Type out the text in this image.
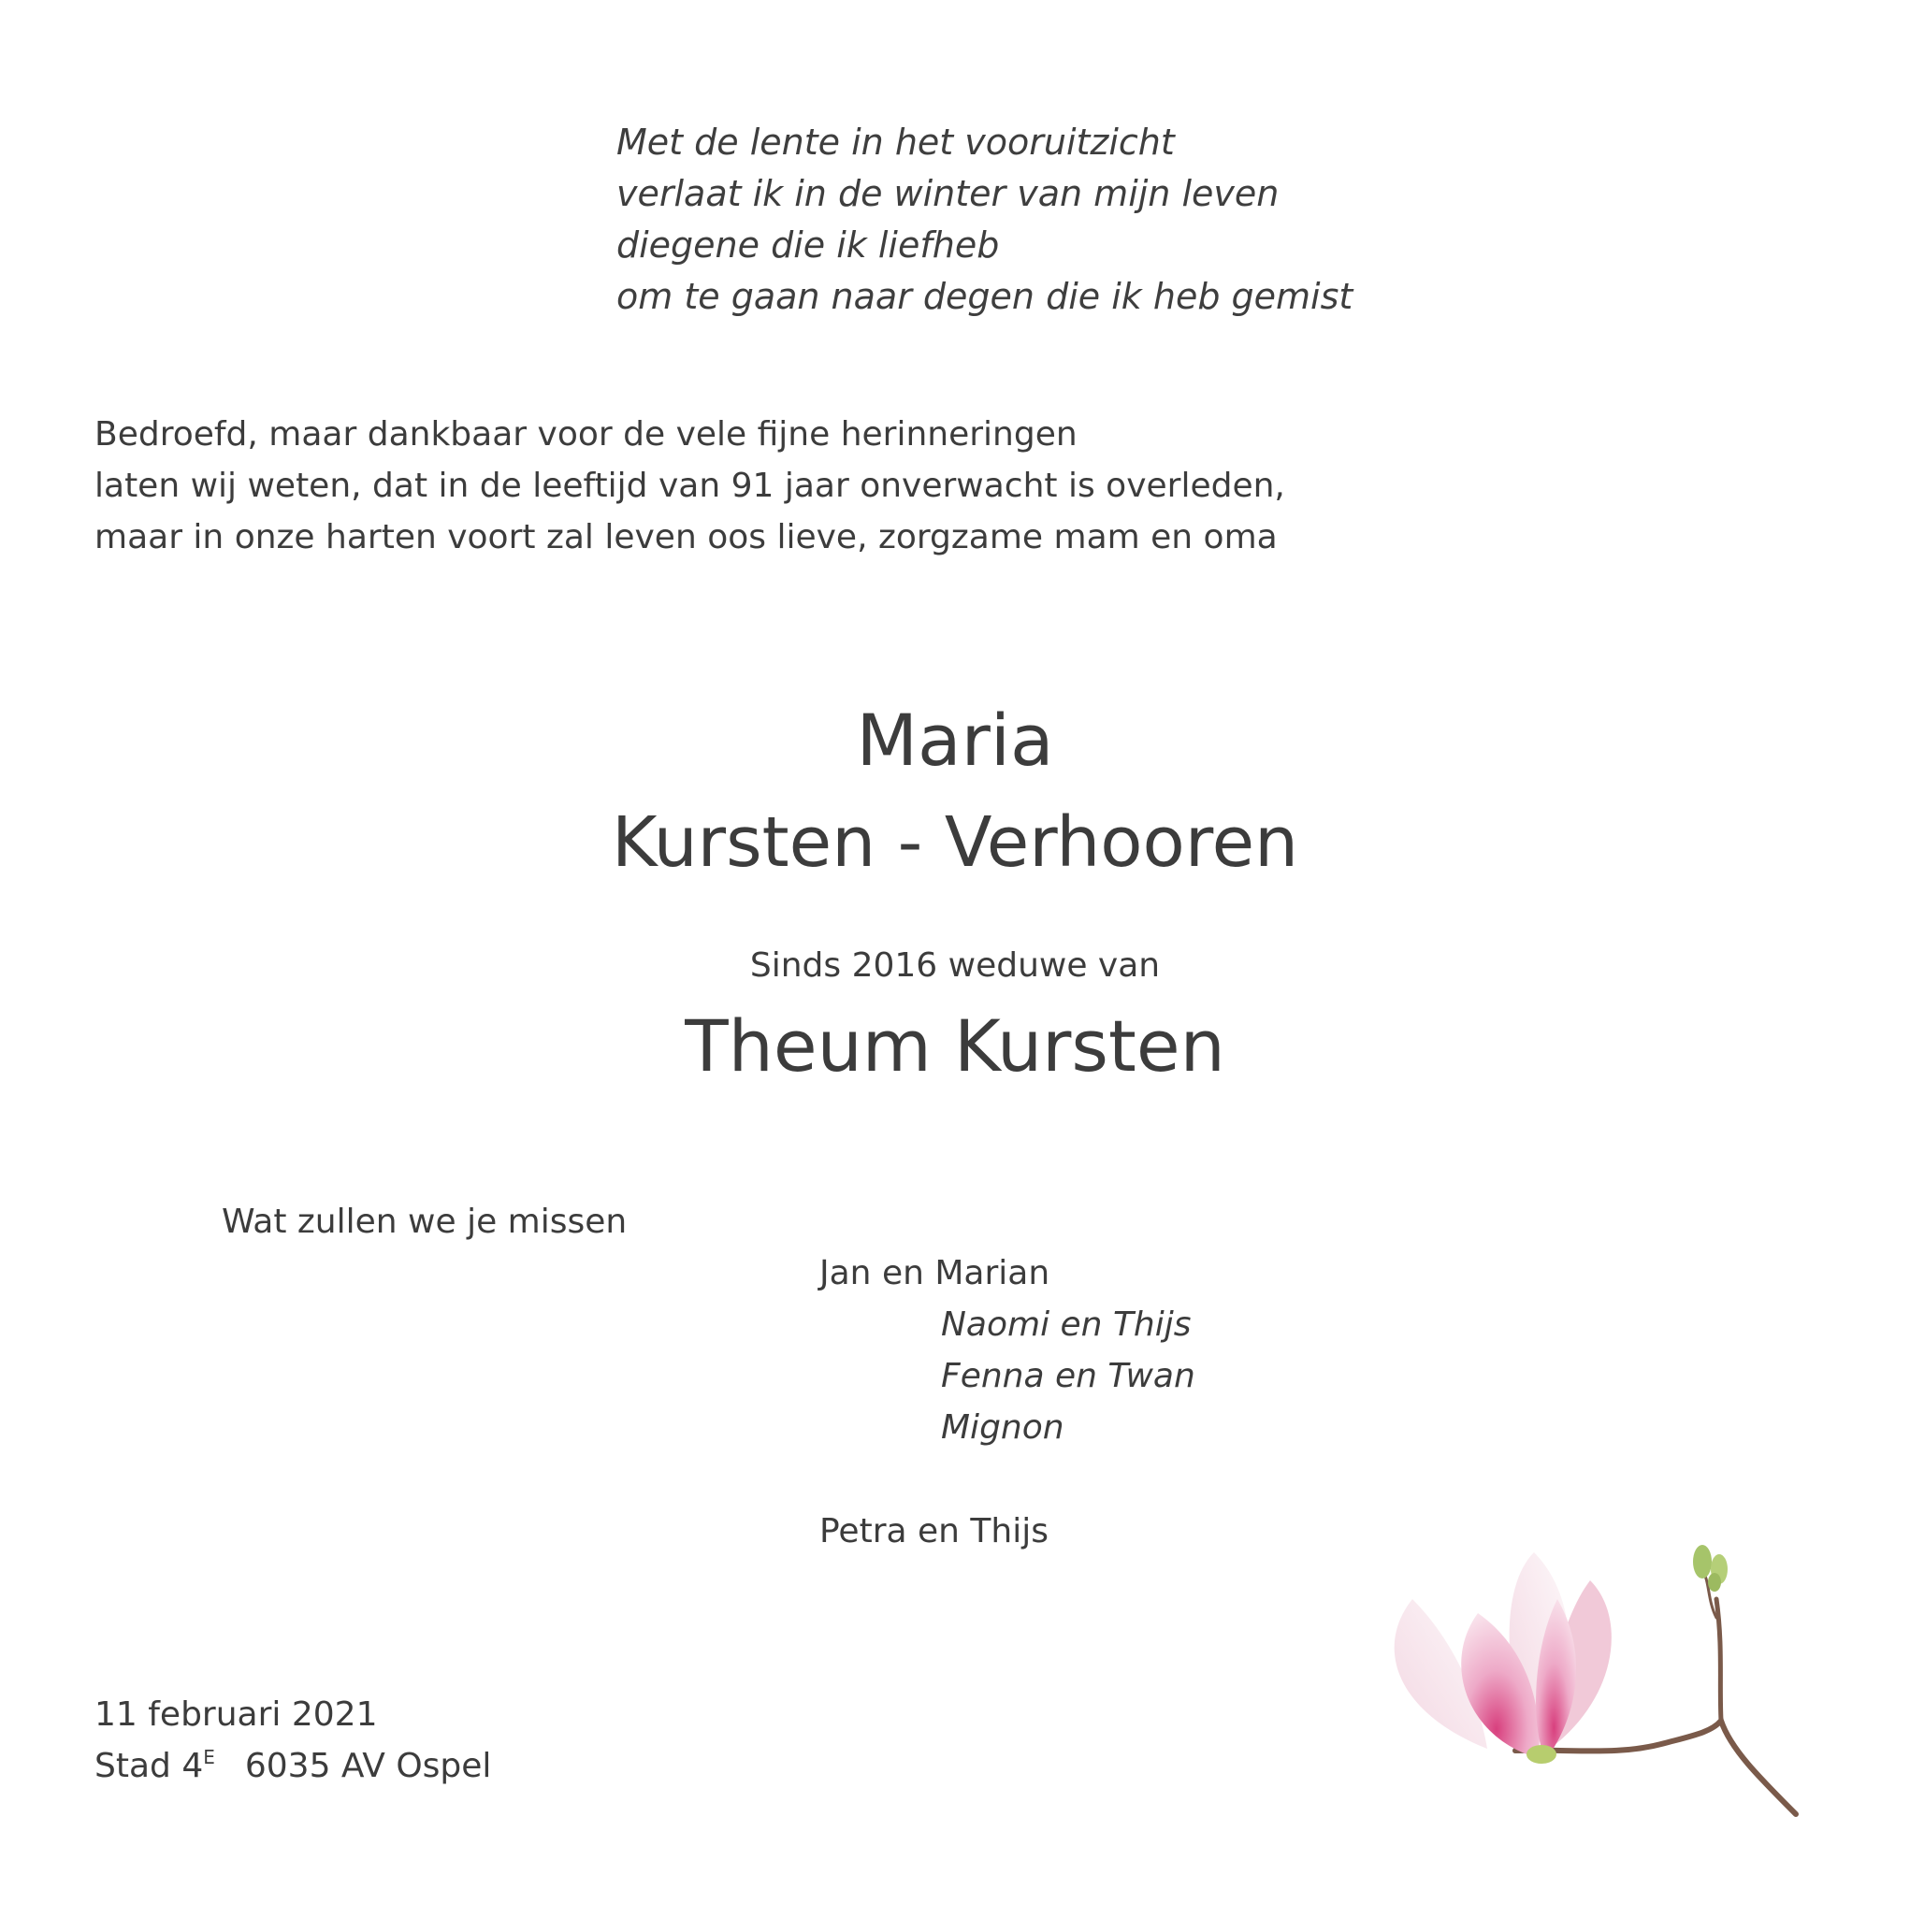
Met de lente in het vooruitzicht
verlaat ik in de winter van mijn leven
diegene die ik liefheb
om te gaan naar degen die ik heb gemist
Bedroefd, maar dankbaar voor de vele fijne herinneringen
laten wij weten, dat in de leeftijd van 91 jaar onverwacht is overleden,
maar in onze harten voort zal leven oos lieve, zorgzame mam en oma
Maria
Kursten - Verhooren
Sinds 2016 weduwe van
Theum Kursten
Wat zullen we je missen
Jan en Marian
Naomi en Thijs
Fenna en Twan
Mignon
Petra en Thijs
11 februari 2021
Stad $4^E$ 6035 AV Ospel
